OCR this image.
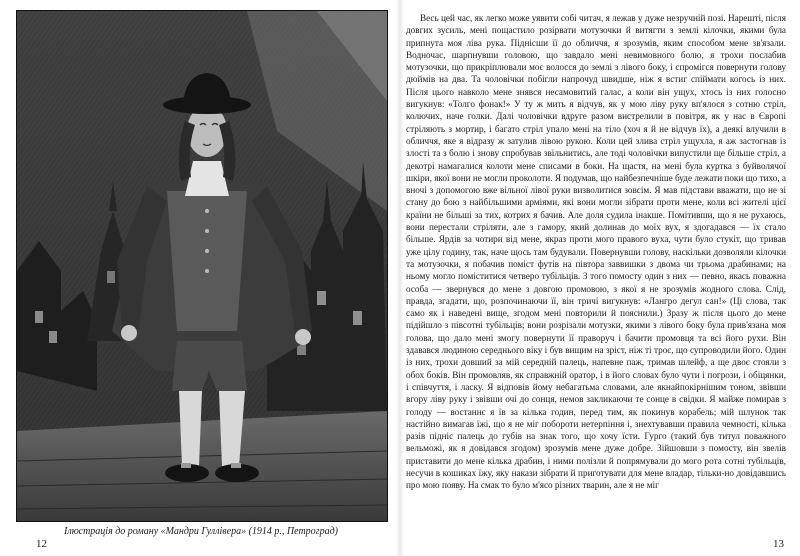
Ілюстрація до роману «Мандри Гуллівера» (1914 р., Петроград)

12

Весь цей час, як легко може уявити собі читач, я лежав у дуже незручній позі. Нарешті, після довгих зусиль, мені пощастило розірвати мотузочки й витягти з землі кілочки, якими була припнута моя ліва рука. Піднісши її до обличчя, я зрозумів, яким способом мене зв'язали. Водночас, шарпнувши головою, що завдало мені невимовного болю, я трохи послабив мотузочки, що прикріплювали моє волосся до землі з лівого боку, і спромігся повернути голову дюймів на два. Та чоловічки побігли напрочуд швидше, ніж я встиг спіймати когось із них. Після цього навколо мене знявся несамовитий галас, а коли він ущух, хтось із них голосно вигукнув: «Толго фонак!» У ту ж мить я відчув, як у мою ліву руку вп'ялося з сотню стріл, колючих, наче голки. Далі чоловічки вдруге разом вистрелили в повітря, як у нас в Європі стріляють з мортир, і багато стріл упало мені на тіло (хоч я й не відчув їх), а деякі влучили в обличчя, яке я відразу ж затулив лівою рукою. Коли цей злива стріл ущухла, я аж застогнав із злості та з болю і знову спробував звільнитись, але тоді чоловічки випустили ще більше стріл, а декотрі намагалися колоти мене списами в боки. На щастя, на мені була куртка з буйволячої шкіри, якої вони не могли проколоти. Я подумав, що найбезпечніше буде лежати поки що тихо, а вночі з допомогою вже вільної лівої руки визволитися зовсім. Я мав підстави вважати, що не зі стану до бою з найбільшими арміями, які вони могли зібрати проти мене, коли всі жителі цієї країни не більші за тих, котрих я бачив. Але доля судила інакше. Помітивши, що я не рухаюсь, вони перестали стріляти, але з гамору, який долинав до моїх вух, я здогадався — їх стало більше. Ярдів за чотири від мене, якраз проти мого правого вуха, чути було стукіт, що тривав уже цілу годину, так, наче щось там будували. Повернувши голову, наскільки дозволяли кілочки та мотузочки, я побачив поміст футів на півтора заввишки з двома чи трьома драбинами; на ньому могло поміститися четверо тубільців. З того помосту один з них — певно, якась поважна особа — звернувся до мене з довгою промовою, з якої я не зрозумів жодного слова. Слід, правда, згадати, що, розпочинаючи її, він тричі вигукнув: «Лангро дегул сан!» (Ці слова, так само як і наведені вище, згодом мені повторили й пояснили.) Зразу ж після цього до мене підійшло з півсотні тубільців; вони розрізали мотузки, якими з лівого боку була прив'язана моя голова, що дало мені змогу повернути її праворуч і бачити промовця та всі його рухи. Він здавався людиною середнього віку і був вищим на зріст, ніж ті троє, що супроводили його. Один із них, трохи довший за мій середній палець, напевне паж, тримав шлейф, а ще двоє стояли з обох боків. Він промовляв, як справжній оратор, і в його словах було чути і погрози, і обіцянки, і співчуття, і ласку. Я відповів йому небагатьма словами, але якнайпокірнішим тоном, звівши вгору ліву руку і звівши очі до сонця, немов закликаючи те сонце в свідки. Я майже помирав з голоду — востаннє я їв за кілька годин, перед тим, як покинув корабель; мій шлунок так настійно вимагав їжі, що я не міг побороти нетерпіння і, знехтувавши правила чемності, кілька разів підніс палець до губів на знак того, що хочу їсти. Гурго (такий був титул поважного вельможі, як я довідався згодом) зрозумів мене дуже добре. Зійшовши з помосту, він звелів приставити до мене кілька драбин, і ними полізли й попрямували до мого рота сотні тубільців, несучи в кошиках їжу, яку накази зібрати й приготувати для мене владар, тільки-но довідавшись про мою появу. На смак то було м'ясо різних тварин, але я не міг

13
